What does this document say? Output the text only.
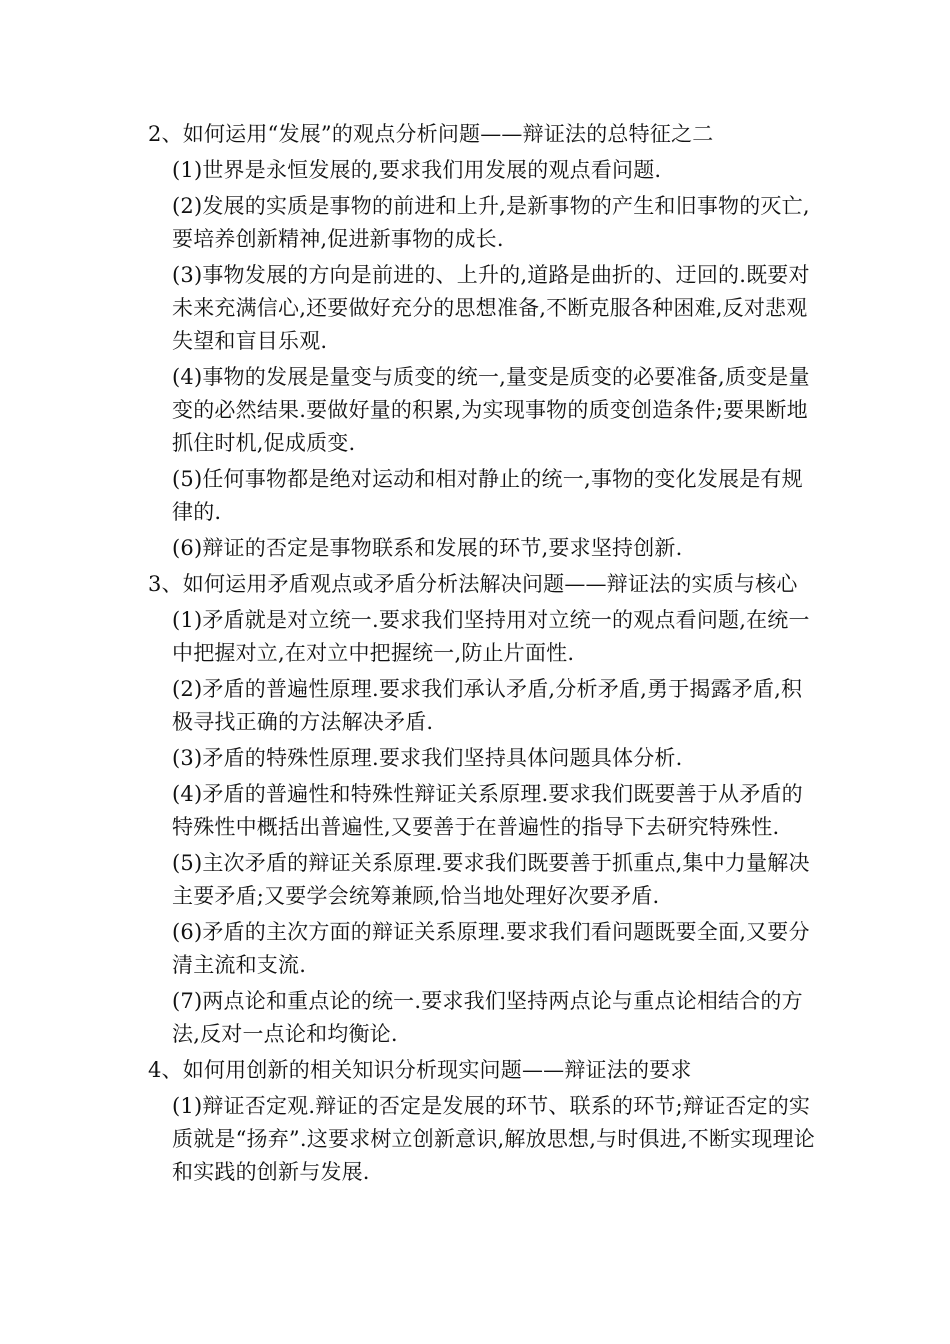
2、如何运用“发展”的观点分析问题——辩证法的总特征之二
(1)世界是永恒发展的,要求我们用发展的观点看问题.
(2)发展的实质是事物的前进和上升,是新事物的产生和旧事物的灭亡,要培养创新精神,促进新事物的成长.
(3)事物发展的方向是前进的、上升的,道路是曲折的、迂回的.既要对未来充满信心,还要做好充分的思想准备,不断克服各种困难,反对悲观失望和盲目乐观.
(4)事物的发展是量变与质变的统一,量变是质变的必要准备,质变是量变的必然结果.要做好量的积累,为实现事物的质变创造条件;要果断地抓住时机,促成质变.
(5)任何事物都是绝对运动和相对静止的统一,事物的变化发展是有规律的.
(6)辩证的否定是事物联系和发展的环节,要求坚持创新.
3、如何运用矛盾观点或矛盾分析法解决问题——辩证法的实质与核心
(1)矛盾就是对立统一.要求我们坚持用对立统一的观点看问题,在统一中把握对立,在对立中把握统一,防止片面性.
(2)矛盾的普遍性原理.要求我们承认矛盾,分析矛盾,勇于揭露矛盾,积极寻找正确的方法解决矛盾.
(3)矛盾的特殊性原理.要求我们坚持具体问题具体分析.
(4)矛盾的普遍性和特殊性辩证关系原理.要求我们既要善于从矛盾的特殊性中概括出普遍性,又要善于在普遍性的指导下去研究特殊性.
(5)主次矛盾的辩证关系原理.要求我们既要善于抓重点,集中力量解决主要矛盾;又要学会统筹兼顾,恰当地处理好次要矛盾.
(6)矛盾的主次方面的辩证关系原理.要求我们看问题既要全面,又要分清主流和支流.
(7)两点论和重点论的统一.要求我们坚持两点论与重点论相结合的方法,反对一点论和均衡论.
4、如何用创新的相关知识分析现实问题——辩证法的要求
(1)辩证否定观.辩证的否定是发展的环节、联系的环节;辩证否定的实质就是“扬弃”.这要求树立创新意识,解放思想,与时俱进,不断实现理论和实践的创新与发展.
